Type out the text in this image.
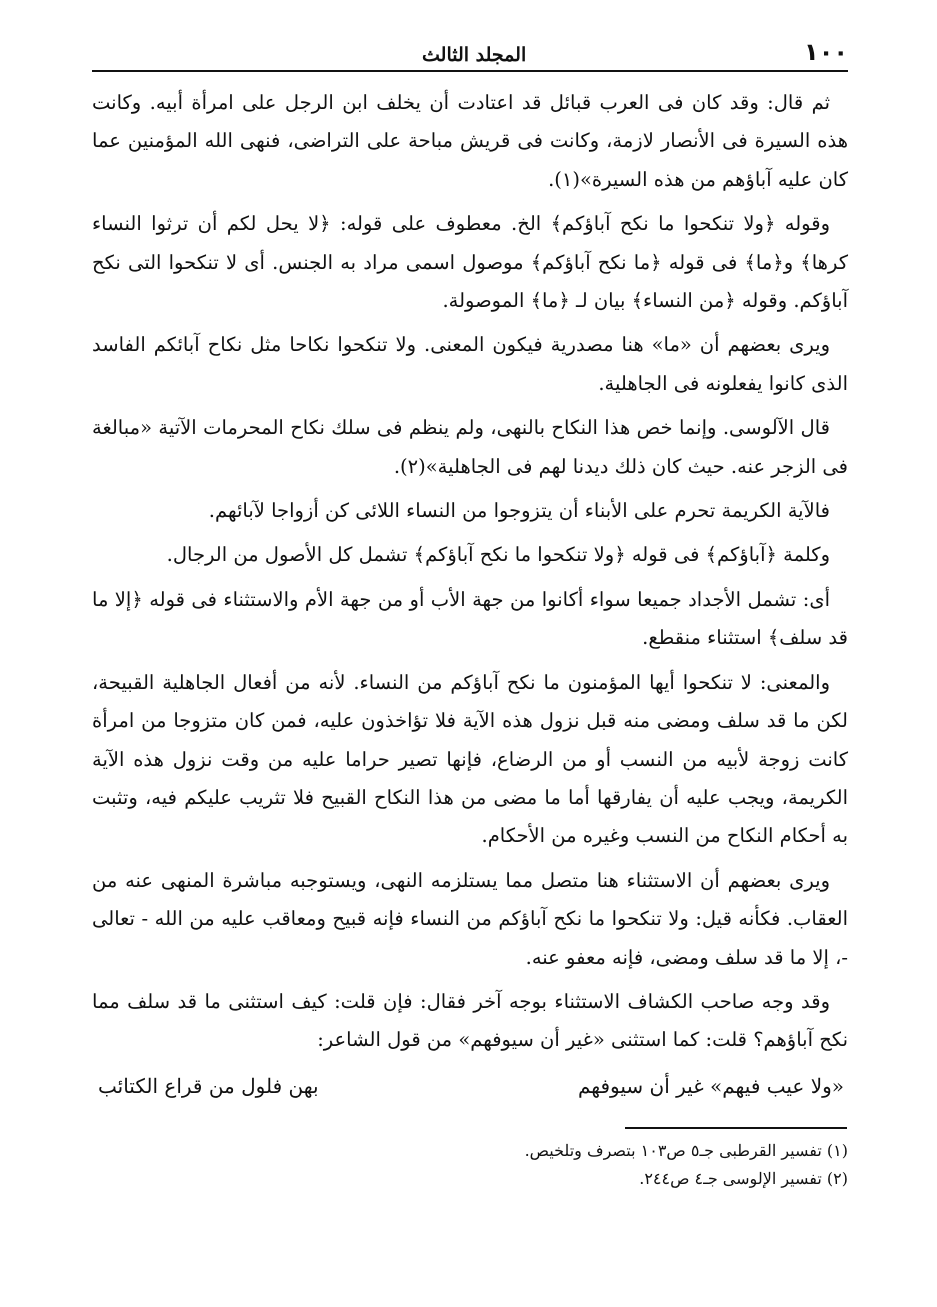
١٠٠
المجلد الثالث

ثم قال: وقد كان فى العرب قبائل قد اعتادت أن يخلف ابن الرجل على امرأة أبيه. وكانت هذه السيرة فى الأنصار لازمة، وكانت فى قريش مباحة على التراضى، فنهى الله المؤمنين عما كان عليه آباؤهم من هذه السيرة»(١).

وقوله ﴿ولا تنكحوا ما نكح آباؤكم﴾ الخ. معطوف على قوله: ﴿لا يحل لكم أن ترثوا النساء كرها﴾ و﴿ما﴾ فى قوله ﴿ما نكح آباؤكم﴾ موصول اسمى مراد به الجنس. أى لا تنكحوا التى نكح آباؤكم. وقوله ﴿من النساء﴾ بيان لـ ﴿ما﴾ الموصولة.

ويرى بعضهم أن «ما» هنا مصدرية فيكون المعنى. ولا تنكحوا نكاحا مثل نكاح آبائكم الفاسد الذى كانوا يفعلونه فى الجاهلية.

قال الآلوسى. وإنما خص هذا النكاح بالنهى، ولم ينظم فى سلك نكاح المحرمات الآتية «مبالغة فى الزجر عنه. حيث كان ذلك ديدنا لهم فى الجاهلية»(٢).

فالآية الكريمة تحرم على الأبناء أن يتزوجوا من النساء اللائى كن أزواجا لآبائهم.

وكلمة ﴿آباؤكم﴾ فى قوله ﴿ولا تنكحوا ما نكح آباؤكم﴾ تشمل كل الأصول من الرجال.

أى: تشمل الأجداد جميعا سواء أكانوا من جهة الأب أو من جهة الأم والاستثناء فى قوله ﴿إلا ما قد سلف﴾ استثناء منقطع.

والمعنى: لا تنكحوا أيها المؤمنون ما نكح آباؤكم من النساء. لأنه من أفعال الجاهلية القبيحة، لكن ما قد سلف ومضى منه قبل نزول هذه الآية فلا تؤاخذون عليه، فمن كان متزوجا من امرأة كانت زوجة لأبيه من النسب أو من الرضاع، فإنها تصير حراما عليه من وقت نزول هذه الآية الكريمة، ويجب عليه أن يفارقها أما ما مضى من هذا النكاح القبيح فلا تثريب عليكم فيه، وتثبت به أحكام النكاح من النسب وغيره من الأحكام.

ويرى بعضهم أن الاستثناء هنا متصل مما يستلزمه النهى، ويستوجبه مباشرة المنهى عنه من العقاب. فكأنه قيل: ولا تنكحوا ما نكح آباؤكم من النساء فإنه قبيح ومعاقب عليه من الله - تعالى -، إلا ما قد سلف ومضى، فإنه معفو عنه.

وقد وجه صاحب الكشاف الاستثناء بوجه آخر فقال: فإن قلت: كيف استثنى ما قد سلف مما نكح آباؤهم؟ قلت: كما استثنى «غير أن سيوفهم» من قول الشاعر:

«ولا عيب فيهم» غير أن سيوفهم
بهن فلول من قراع الكتائب
(١) تفسير القرطبى جـ٥ ص١٠٣ بتصرف وتلخيص.
(٢) تفسير الإلوسى جـ٤ ص٢٤٤.
